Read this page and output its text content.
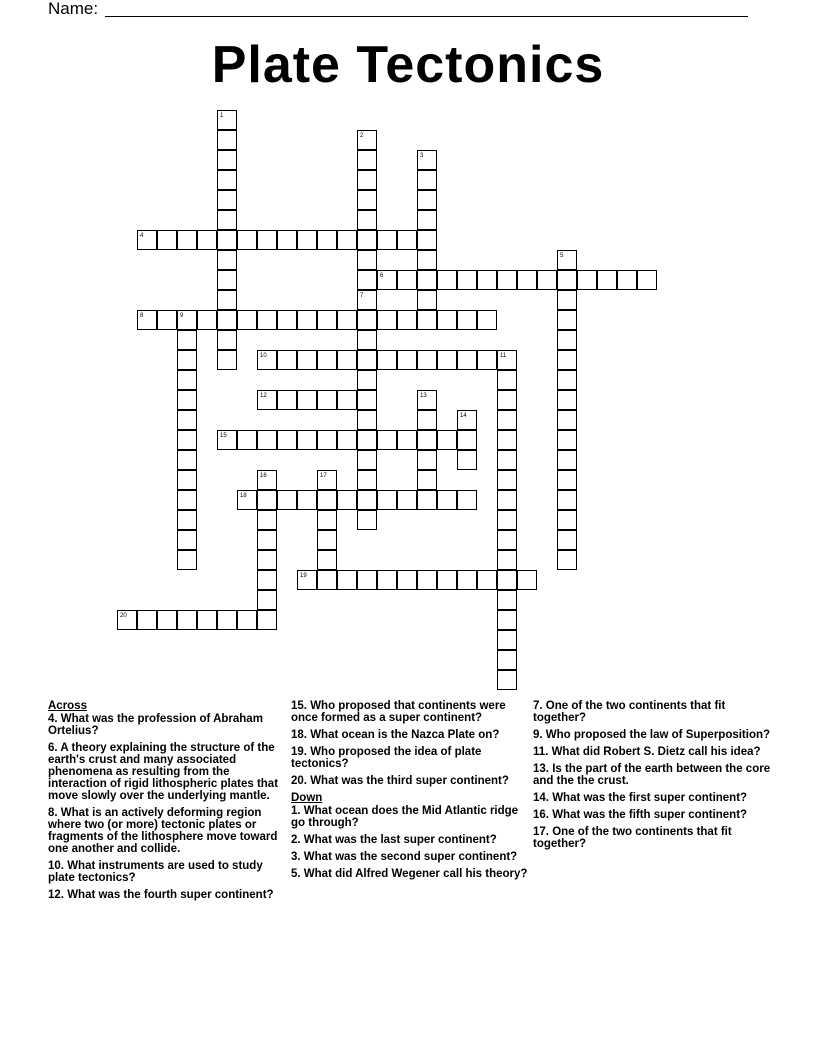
Name:
Plate Tectonics
4
6
8	9
10	11
12
15
18
19
20
1
2
7
3
5
13
14
16	17
Across
4 . What was the profession of Abraham Ortelius?
6 . A theory explaining the structure of the earth's crust and many associated phenomena as resulting from the interaction of rigid lithospheric plates that move slowly over the underlying mantle.
8 . What is an actively deforming region where two (or more) tectonic plates or fragments of the lithosphere move toward one another and collide.
10 . What instruments are used to study plate tectonics?
12 . What was the fourth super continent?
15 . Who proposed that continents were once formed as a super continent?
18 . What ocean is the Nazca Plate on?
19 . Who proposed the idea of plate tectonics?
20 . What was the third super continent?
Down
1 . What ocean does the Mid Atlantic ridge go through?
2 . What was the last super continent?
3 . What was the second super continent?
5 . What did Alfred Wegener call his theory?
7 . One of the two continents that fit together?
9 . Who proposed the law of Superposition?
11 . What did Robert S. Dietz call his idea?
13 . Is the part of the earth between the core and the the crust.
14 . What was the first super continent?
16 . What was the fifth super continent?
17 . One of the two continents that fit together?
